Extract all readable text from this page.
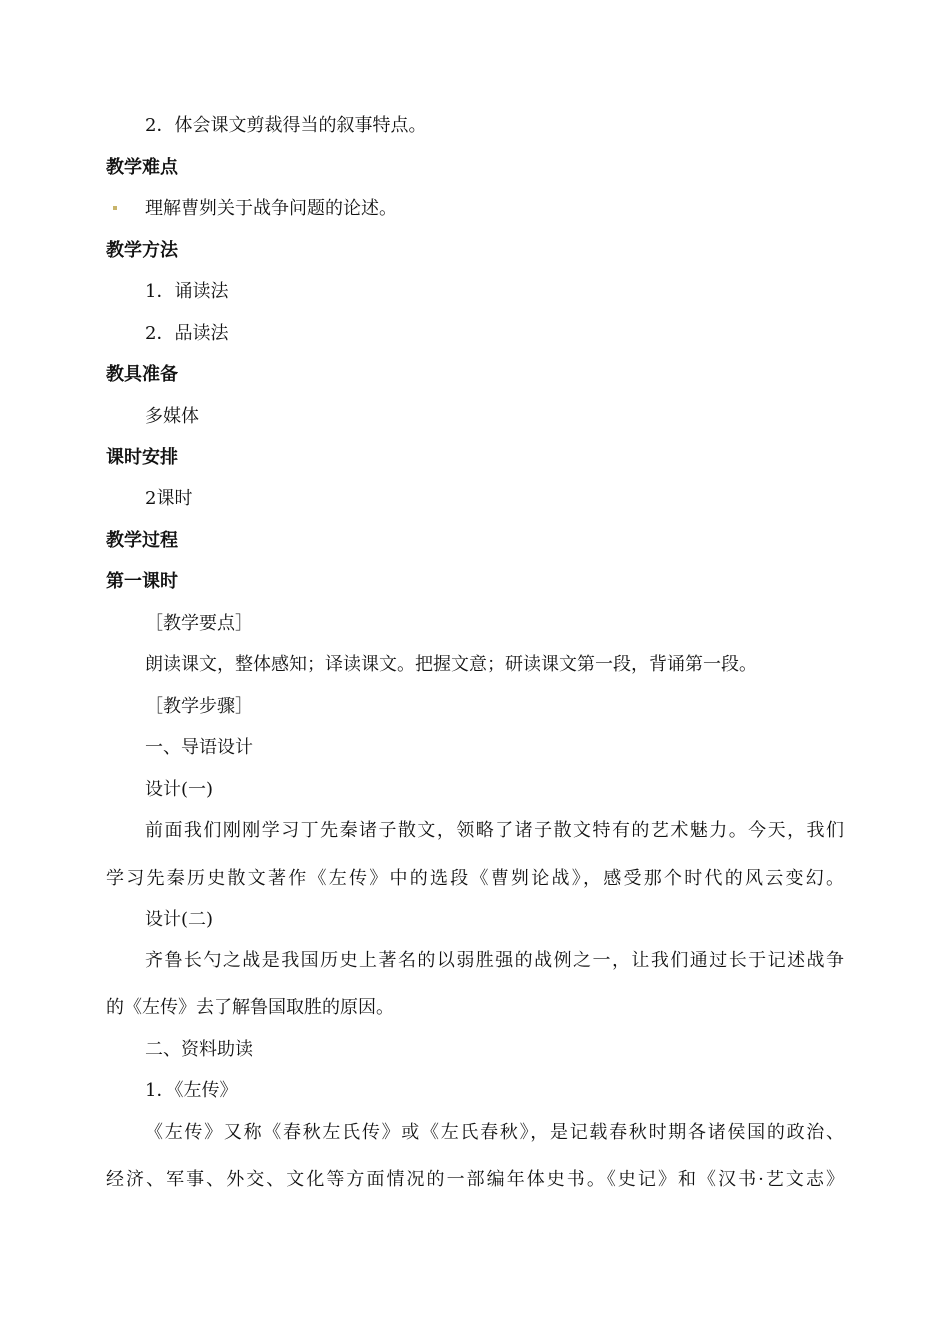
2．体会课文剪裁得当的叙事特点。
教学难点
理解曹刿关于战争问题的论述。
教学方法
1．诵读法
2．品读法
教具准备
多媒体
课时安排
2课时
教学过程
第一课时
［教学要点］
朗读课文，整体感知；译读课文。把握文意；研读课文第一段，背诵第一段。
［教学步骤］
一、导语设计
设计(一)
前面我们刚刚学习丁先秦诸子散文，领略了诸子散文特有的艺术魅力。今天，我们
学习先秦历史散文著作《左传》中的选段《曹刿论战》，感受那个时代的风云变幻。
设计(二)
齐鲁长勺之战是我国历史上著名的以弱胜强的战例之一，让我们通过长于记述战争
的《左传》去了解鲁国取胜的原因。
二、资料助读
1．《左传》
《左传》又称《春秋左氏传》或《左氏春秋》，是记载春秋时期各诸侯国的政治、
经济、军事、外交、文化等方面情况的一部编年体史书。《史记》和《汉书·艺文志》
